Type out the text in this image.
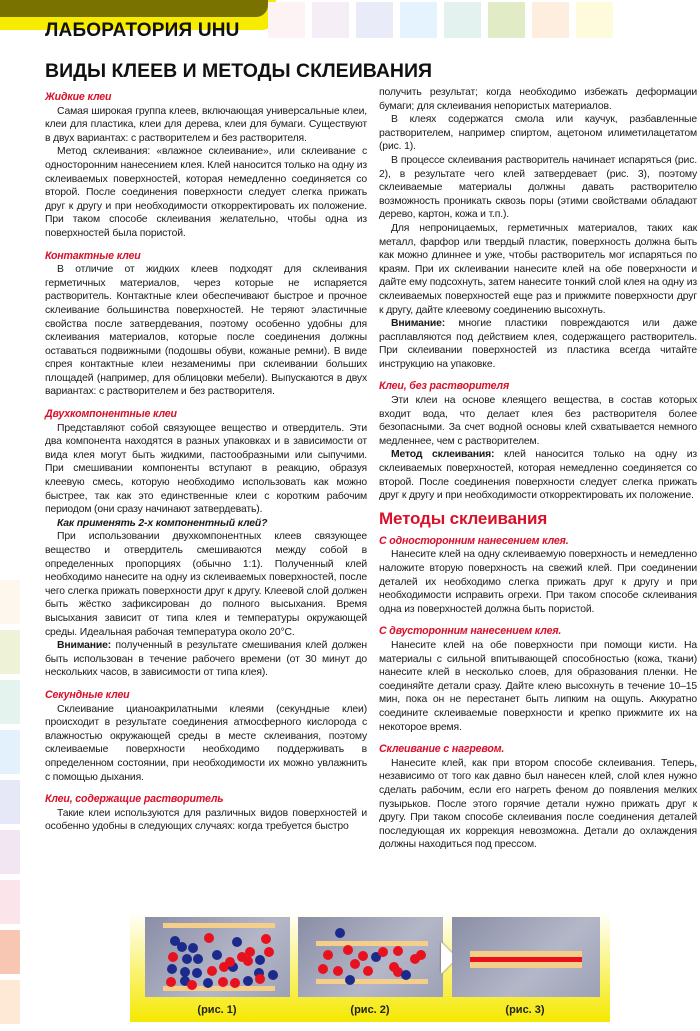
ЛАБОРАТОРИЯ UHU
ВИДЫ КЛЕЕВ И МЕТОДЫ СКЛЕИВАНИЯ
Жидкие клеи

Самая широкая группа клеев, включающая универсальные клеи, клеи для пластика, клеи для дерева, клеи для бумаги. Существуют в двух вариантах: с растворителем и без растворителя.

Метод склеивания: «влажное склеивание», или склеивание с односторонним нанесением клея. Клей наносится только на одну из склеиваемых поверхностей, которая немедленно соединяется со второй. После соединения поверхности следует слегка прижать друг к другу и при необходимости откорректировать их положение. При таком способе склеивания желательно, чтобы одна из поверхностей была пористой.

Контактные клеи

В отличие от жидких клеев подходят для склеивания герметичных материалов, через которые не испаряется растворитель. Контактные клеи обеспечивают быстрое и прочное склеивание большинства поверхностей. Не теряют эластичные свойства после затвердевания, поэтому особенно удобны для склеивания материалов, которые после соединения должны оставаться подвижными (подошвы обуви, кожаные ремни). В виде спрея контактные клеи незаменимы при склеивании больших площадей (например, для облицовки мебели). Выпускаются в двух вариантах: с растворителем и без растворителя.

Двухкомпонентные клеи

Представляют собой связующее вещество и отвердитель. Эти два компонента находятся в разных упаковках и в зависимости от вида клея могут быть жидкими, пастообразными или сыпучими. При смешивании компоненты вступают в реакцию, образуя клеевую смесь, которую необходимо использовать как можно быстрее, так как это единственные клеи с коротким рабочим периодом (они сразу начинают затвердевать).

Как применять 2-х компонентный клей?

При использовании двухкомпонентных клеев связующее вещество и отвердитель смешиваются между собой в определенных пропорциях (обычно 1:1). Полученный клей необходимо нанесите на одну из склеиваемых поверхностей, после чего слегка прижать поверхности друг к другу. Клеевой слой должен быть жёстко зафиксирован до полного высыхания. Время высыхания зависит от типа клея и температуры окружающей среды. Идеальная рабочая температура около 20°C.

Внимание: полученный в результате смешивания клей должен быть использован в течение рабочего времени (от 30 минут до нескольких часов, в зависимости от типа клея).

Секундные клеи

Склеивание цианоакрилатными клеями (секундные клеи) происходит в результате соединения атмосферного кислорода с влажностью окружающей среды в месте склеивания, поэтому склеиваемые поверхности необходимо поддерживать в определенном состоянии, при необходимости их можно увлажнить с помощью дыхания.

Клеи, содержащие растворитель

Такие клеи используются для различных видов поверхностей и особенно удобны в следующих случаях: когда требуется быстро

получить результат; когда необходимо избежать деформации бумаги; для склеивания непористых материалов.

В клеях содержатся смола или каучук, разбавленные растворителем, например спиртом, ацетоном илиметилацетатом (рис. 1).

В процессе склеивания растворитель начинает испаряться (рис. 2), в результате чего клей затвердевает (рис. 3), поэтому склеиваемые материалы должны давать растворителю возможность проникать сквозь поры (этими свойствами обладают дерево, картон, кожа и т.п.).

Для непроницаемых, герметичных материалов, таких как металл, фарфор или твердый пластик, поверхность должна быть как можно длиннее и уже, чтобы растворитель мог испаряться по краям. При их склеивании нанесите клей на обе поверхности и дайте ему подсохнуть, затем нанесите тонкий слой клея на одну из склеиваемых поверхностей еще раз и прижмите поверхности друг к другу, дайте клеевому соединению высохнуть.

Внимание: многие пластики повреждаются или даже расплавляются под действием клея, содержащего растворитель. При склеивании поверхностей из пластика всегда читайте инструкцию на упаковке.

Клеи, без растворителя

Эти клеи на основе клеящего вещества, в состав которых входит вода, что делает клея без растворителя более безопасными. За счет водной основы клей схватывается немного медленнее, чем с растворителем.

Метод склеивания: клей наносится только на одну из склеиваемых поверхностей, которая немедленно соединяется со второй. После соединения поверхности следует слегка прижать друг к другу и при необходимости откорректировать их положение.

Методы склеивания
С односторонним нанесением клея.

Нанесите клей на одну склеиваемую поверхность и немедленно наложите вторую поверхность на свежий клей. При соединении деталей их необходимо слегка прижать друг к другу и при необходимости исправить огрехи. При таком способе склеивания одна из поверхностей должна быть пористой.

С двусторонним нанесением клея.

Нанесите клей на обе поверхности при помощи кисти. На материалы с сильной впитывающей способностью (кожа, ткани) нанесите клей в несколько слоев, для образования пленки. Не соединяйте детали сразу. Дайте клею высохнуть в течение 10–15 мин, пока он не перестанет быть липким на ощупь. Аккуратно соедините склеиваемые поверхности и крепко прижмите их на некоторое время.

Склеивание с нагревом.

Нанесите клей, как при втором способе склеивания. Теперь, независимо от того как давно был нанесен клей, слой клея нужно сделать рабочим, если его нагреть феном до появления мелких пузырьков. После этого горячие детали нужно прижать друг к другу. При таком способе склеивания после соединения деталей последующая их коррекция невозможна. Детали до охлаждения должны находиться под прессом.

(рис. 1)	(рис. 2)	(рис. 3)
